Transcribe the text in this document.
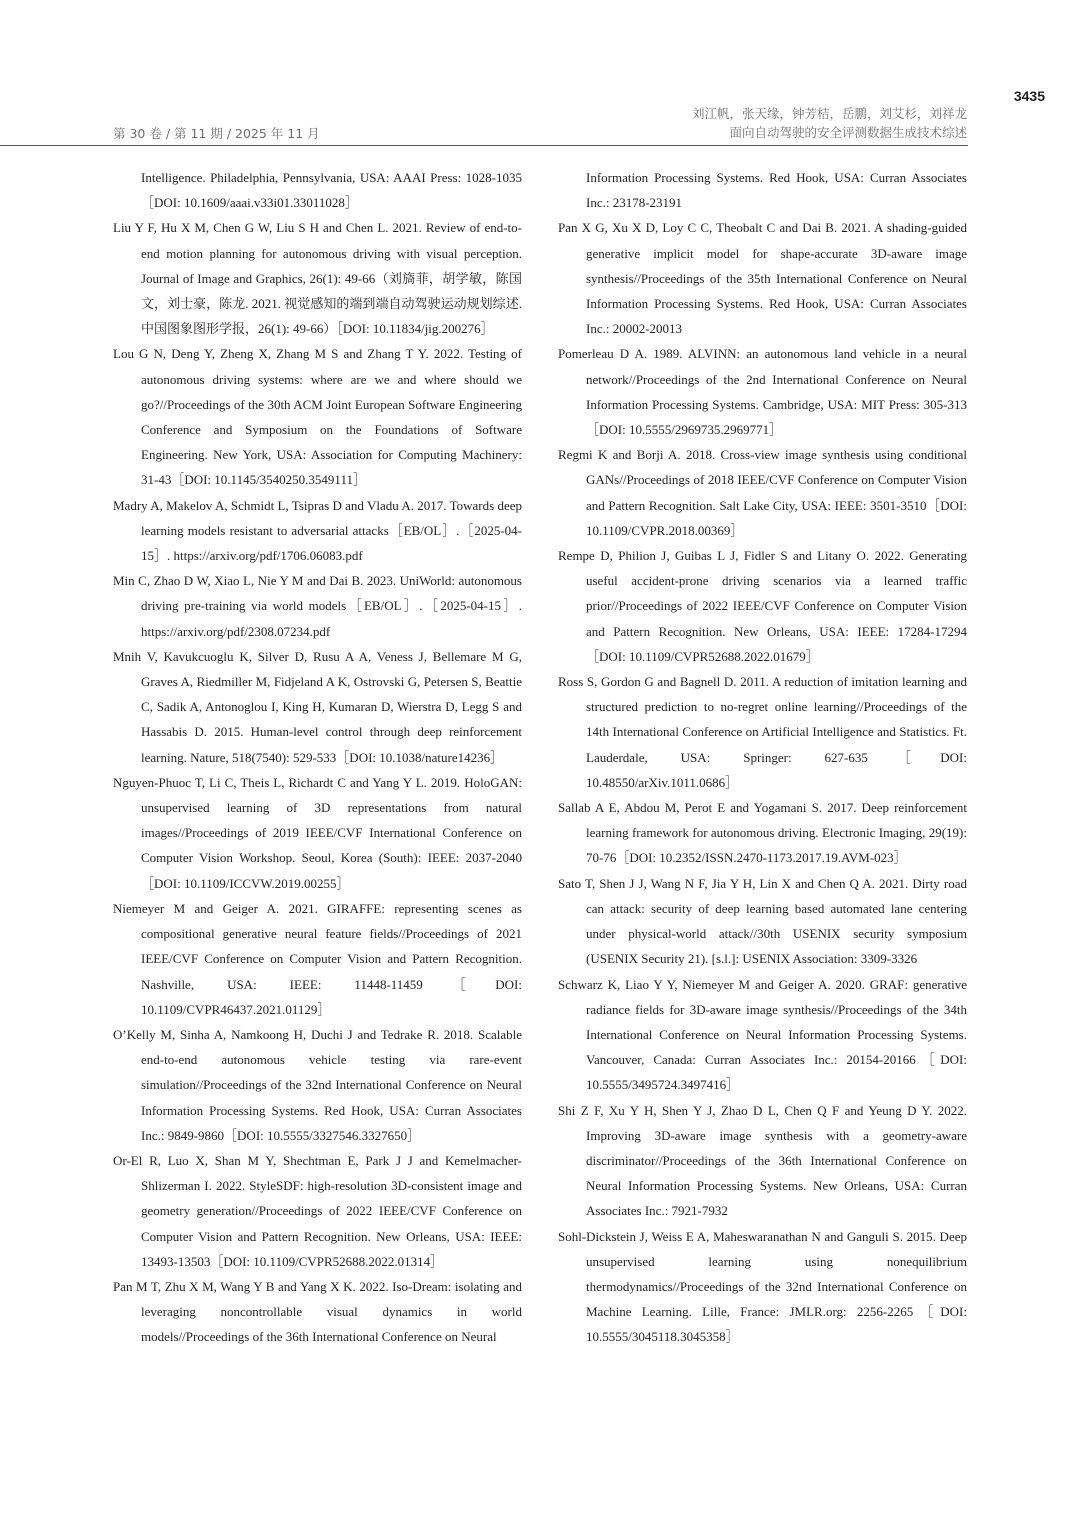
3435
第 30 卷 / 第 11 期 / 2025 年 11 月
刘江帆，张天缘，钟芳桔，岳鹏，刘艾杉，刘祥龙
面向自动驾驶的安全评测数据生成技术综述

Intelligence. Philadelphia, Pennsylvania, USA: AAAI Press: 1028-1035［DOI: 10.1609/aaai.v33i01.33011028］

Liu Y F, Hu X M, Chen G W, Liu S H and Chen L. 2021. Review of end-to-end motion planning for autonomous driving with visual perception. Journal of Image and Graphics, 26(1): 49-66（刘旖菲，胡学敏，陈国文，刘士豪，陈龙. 2021. 视觉感知的端到端自动驾驶运动规划综述. 中国图象图形学报，26(1): 49-66）［DOI: 10.11834/jig.200276］

Lou G N, Deng Y, Zheng X, Zhang M S and Zhang T Y. 2022. Testing of autonomous driving systems: where are we and where should we go?//Proceedings of the 30th ACM Joint European Software Engineering Conference and Symposium on the Foundations of Software Engineering. New York, USA: Association for Computing Machinery: 31-43［DOI: 10.1145/3540250.3549111］

Madry A, Makelov A, Schmidt L, Tsipras D and Vladu A. 2017. Towards deep learning models resistant to adversarial attacks［EB/OL］.［2025-04-15］. https://arxiv.org/pdf/1706.06083.pdf

Min C, Zhao D W, Xiao L, Nie Y M and Dai B. 2023. UniWorld: autonomous driving pre-training via world models［EB/OL］.［2025-04-15］. https://arxiv.org/pdf/2308.07234.pdf

Mnih V, Kavukcuoglu K, Silver D, Rusu A A, Veness J, Bellemare M G, Graves A, Riedmiller M, Fidjeland A K, Ostrovski G, Petersen S, Beattie C, Sadik A, Antonoglou I, King H, Kumaran D, Wierstra D, Legg S and Hassabis D. 2015. Human-level control through deep reinforcement learning. Nature, 518(7540): 529-533［DOI: 10.1038/nature14236］

Nguyen-Phuoc T, Li C, Theis L, Richardt C and Yang Y L. 2019. HoloGAN: unsupervised learning of 3D representations from natural images//Proceedings of 2019 IEEE/CVF International Conference on Computer Vision Workshop. Seoul, Korea (South): IEEE: 2037-2040［DOI: 10.1109/ICCVW.2019.00255］

Niemeyer M and Geiger A. 2021. GIRAFFE: representing scenes as compositional generative neural feature fields//Proceedings of 2021 IEEE/CVF Conference on Computer Vision and Pattern Recognition. Nashville, USA: IEEE: 11448-11459［DOI: 10.1109/CVPR46437.2021.01129］

O’Kelly M, Sinha A, Namkoong H, Duchi J and Tedrake R. 2018. Scalable end-to-end autonomous vehicle testing via rare-event simulation//Proceedings of the 32nd International Conference on Neural Information Processing Systems. Red Hook, USA: Curran Associates Inc.: 9849-9860［DOI: 10.5555/3327546.3327650］

Or-El R, Luo X, Shan M Y, Shechtman E, Park J J and Kemelmacher-Shlizerman I. 2022. StyleSDF: high-resolution 3D-consistent image and geometry generation//Proceedings of 2022 IEEE/CVF Conference on Computer Vision and Pattern Recognition. New Orleans, USA: IEEE: 13493-13503［DOI: 10.1109/CVPR52688.2022.01314］

Pan M T, Zhu X M, Wang Y B and Yang X K. 2022. Iso-Dream: isolating and leveraging noncontrollable visual dynamics in world models//Proceedings of the 36th International Conference on Neural

Information Processing Systems. Red Hook, USA: Curran Associates Inc.: 23178-23191

Pan X G, Xu X D, Loy C C, Theobalt C and Dai B. 2021. A shading-guided generative implicit model for shape-accurate 3D-aware image synthesis//Proceedings of the 35th International Conference on Neural Information Processing Systems. Red Hook, USA: Curran Associates Inc.: 20002-20013

Pomerleau D A. 1989. ALVINN: an autonomous land vehicle in a neural network//Proceedings of the 2nd International Conference on Neural Information Processing Systems. Cambridge, USA: MIT Press: 305-313［DOI: 10.5555/2969735.2969771］

Regmi K and Borji A. 2018. Cross-view image synthesis using conditional GANs//Proceedings of 2018 IEEE/CVF Conference on Computer Vision and Pattern Recognition. Salt Lake City, USA: IEEE: 3501-3510［DOI: 10.1109/CVPR.2018.00369］

Rempe D, Philion J, Guibas L J, Fidler S and Litany O. 2022. Generating useful accident-prone driving scenarios via a learned traffic prior//Proceedings of 2022 IEEE/CVF Conference on Computer Vision and Pattern Recognition. New Orleans, USA: IEEE: 17284-17294［DOI: 10.1109/CVPR52688.2022.01679］

Ross S, Gordon G and Bagnell D. 2011. A reduction of imitation learning and structured prediction to no-regret online learning//Proceedings of the 14th International Conference on Artificial Intelligence and Statistics. Ft. Lauderdale, USA: Springer: 627-635［DOI: 10.48550/arXiv.1011.0686］

Sallab A E, Abdou M, Perot E and Yogamani S. 2017. Deep reinforcement learning framework for autonomous driving. Electronic Imaging, 29(19): 70-76［DOI: 10.2352/ISSN.2470-1173.2017.19.AVM-023］

Sato T, Shen J J, Wang N F, Jia Y H, Lin X and Chen Q A. 2021. Dirty road can attack: security of deep learning based automated lane centering under physical-world attack//30th USENIX security symposium (USENIX Security 21). [s.l.]: USENIX Association: 3309-3326

Schwarz K, Liao Y Y, Niemeyer M and Geiger A. 2020. GRAF: generative radiance fields for 3D-aware image synthesis//Proceedings of the 34th International Conference on Neural Information Processing Systems. Vancouver, Canada: Curran Associates Inc.: 20154-20166［DOI: 10.5555/3495724.3497416］

Shi Z F, Xu Y H, Shen Y J, Zhao D L, Chen Q F and Yeung D Y. 2022. Improving 3D-aware image synthesis with a geometry-aware discriminator//Proceedings of the 36th International Conference on Neural Information Processing Systems. New Orleans, USA: Curran Associates Inc.: 7921-7932

Sohl-Dickstein J, Weiss E A, Maheswaranathan N and Ganguli S. 2015. Deep unsupervised learning using nonequilibrium thermodynamics//Proceedings of the 32nd International Conference on Machine Learning. Lille, France: JMLR.org: 2256-2265［DOI: 10.5555/3045118.3045358］
